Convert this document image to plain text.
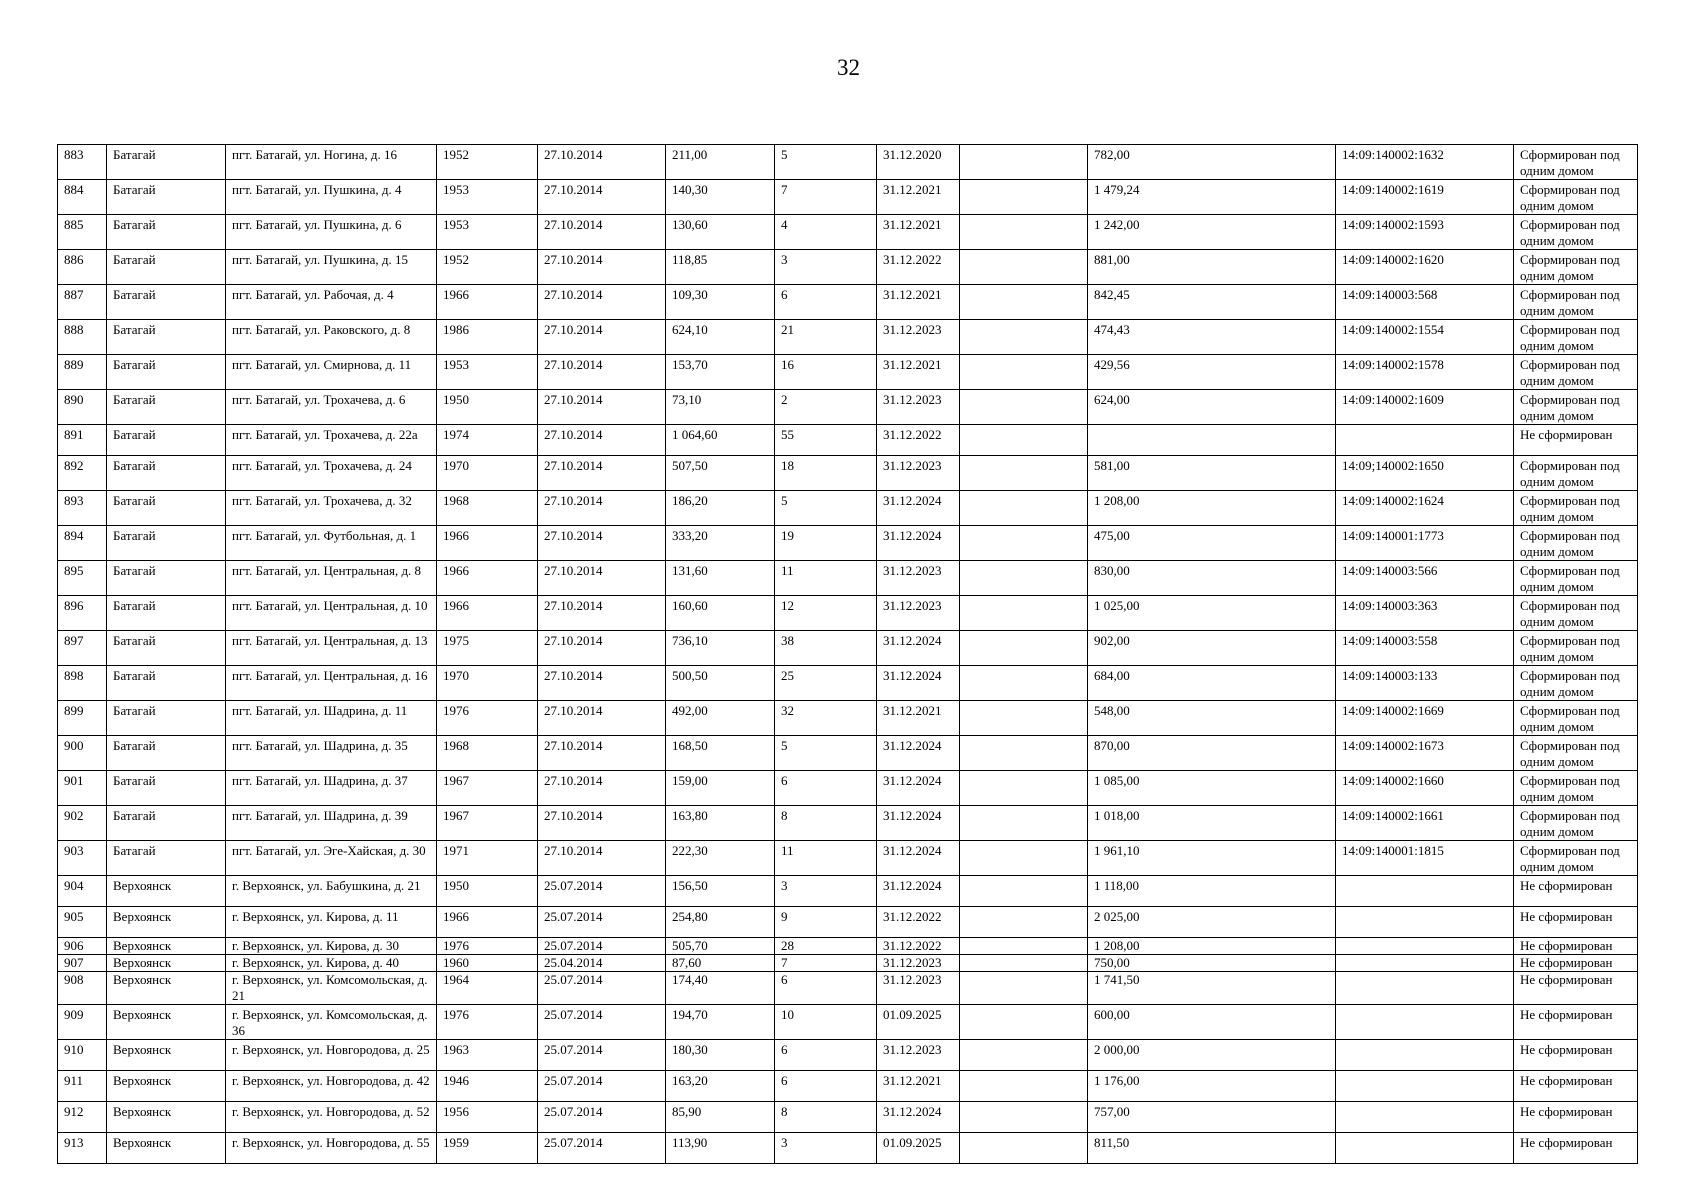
32
883	Батагай	пгт. Батагай, ул. Ногина, д. 16	1952	27.10.2014	211,00	5	31.12.2020		782,00	14:09:140002:1632	Сформирован под одним домом
884	Батагай	пгт. Батагай, ул. Пушкина, д. 4	1953	27.10.2014	140,30	7	31.12.2021		1 479,24	14:09:140002:1619	Сформирован под одним домом
885	Батагай	пгт. Батагай, ул. Пушкина, д. 6	1953	27.10.2014	130,60	4	31.12.2021		1 242,00	14:09:140002:1593	Сформирован под одним домом
886	Батагай	пгт. Батагай, ул. Пушкина, д. 15	1952	27.10.2014	118,85	3	31.12.2022		881,00	14:09:140002:1620	Сформирован под одним домом
887	Батагай	пгт. Батагай, ул. Рабочая, д. 4	1966	27.10.2014	109,30	6	31.12.2021		842,45	14:09:140003:568	Сформирован под одним домом
888	Батагай	пгт. Батагай, ул. Раковского, д. 8	1986	27.10.2014	624,10	21	31.12.2023		474,43	14:09:140002:1554	Сформирован под одним домом
889	Батагай	пгт. Батагай, ул. Смирнова, д. 11	1953	27.10.2014	153,70	16	31.12.2021		429,56	14:09:140002:1578	Сформирован под одним домом
890	Батагай	пгт. Батагай, ул. Трохачева, д. 6	1950	27.10.2014	73,10	2	31.12.2023		624,00	14:09:140002:1609	Сформирован под одним домом
891	Батагай	пгт. Батагай, ул. Трохачева, д. 22а	1974	27.10.2014	1 064,60	55	31.12.2022				Не сформирован
892	Батагай	пгт. Батагай, ул. Трохачева, д. 24	1970	27.10.2014	507,50	18	31.12.2023		581,00	14:09;140002:1650	Сформирован под одним домом
893	Батагай	пгт. Батагай, ул. Трохачева, д. 32	1968	27.10.2014	186,20	5	31.12.2024		1 208,00	14:09:140002:1624	Сформирован под одним домом
894	Батагай	пгт. Батагай, ул. Футбольная, д. 1	1966	27.10.2014	333,20	19	31.12.2024		475,00	14:09:140001:1773	Сформирован под одним домом
895	Батагай	пгт. Батагай, ул. Центральная, д. 8	1966	27.10.2014	131,60	11	31.12.2023		830,00	14:09:140003:566	Сформирован под одним домом
896	Батагай	пгт. Батагай, ул. Центральная, д. 10	1966	27.10.2014	160,60	12	31.12.2023		1 025,00	14:09:140003:363	Сформирован под одним домом
897	Батагай	пгт. Батагай, ул. Центральная, д. 13	1975	27.10.2014	736,10	38	31.12.2024		902,00	14:09:140003:558	Сформирован под одним домом
898	Батагай	пгт. Батагай, ул. Центральная, д. 16	1970	27.10.2014	500,50	25	31.12.2024		684,00	14:09:140003:133	Сформирован под одним домом
899	Батагай	пгт. Батагай, ул. Шадрина, д. 11	1976	27.10.2014	492,00	32	31.12.2021		548,00	14:09:140002:1669	Сформирован под одним домом
900	Батагай	пгт. Батагай, ул. Шадрина, д. 35	1968	27.10.2014	168,50	5	31.12.2024		870,00	14:09:140002:1673	Сформирован под одним домом
901	Батагай	пгт. Батагай, ул. Шадрина, д. 37	1967	27.10.2014	159,00	6	31.12.2024		1 085,00	14:09:140002:1660	Сформирован под одним домом
902	Батагай	пгт. Батагай, ул. Шадрина, д. 39	1967	27.10.2014	163,80	8	31.12.2024		1 018,00	14:09:140002:1661	Сформирован под одним домом
903	Батагай	пгт. Батагай, ул. Эге-Хайская, д. 30	1971	27.10.2014	222,30	11	31.12.2024		1 961,10	14:09:140001:1815	Сформирован под одним домом
904	Верхоянск	г. Верхоянск, ул. Бабушкина, д. 21	1950	25.07.2014	156,50	3	31.12.2024		1 118,00		Не сформирован
905	Верхоянск	г. Верхоянск, ул. Кирова, д. 11	1966	25.07.2014	254,80	9	31.12.2022		2 025,00		Не сформирован
906	Верхоянск	г. Верхоянск, ул. Кирова, д. 30	1976	25.07.2014	505,70	28	31.12.2022		1 208,00		Не сформирован
907	Верхоянск	г. Верхоянск, ул. Кирова, д. 40	1960	25.04.2014	87,60	7	31.12.2023		750,00		Не сформирован
908	Верхоянск	г. Верхоянск, ул. Комсомольская, д. 21	1964	25.07.2014	174,40	6	31.12.2023		1 741,50		Не сформирован
909	Верхоянск	г. Верхоянск, ул. Комсомольская, д. 36	1976	25.07.2014	194,70	10	01.09.2025		600,00		Не сформирован
910	Верхоянск	г. Верхоянск, ул. Новгородова, д. 25	1963	25.07.2014	180,30	6	31.12.2023		2 000,00		Не сформирован
911	Верхоянск	г. Верхоянск, ул. Новгородова, д. 42	1946	25.07.2014	163,20	6	31.12.2021		1 176,00		Не сформирован
912	Верхоянск	г. Верхоянск, ул. Новгородова, д. 52	1956	25.07.2014	85,90	8	31.12.2024		757,00		Не сформирован
913	Верхоянск	г. Верхоянск, ул. Новгородова, д. 55	1959	25.07.2014	113,90	3	01.09.2025		811,50		Не сформирован
